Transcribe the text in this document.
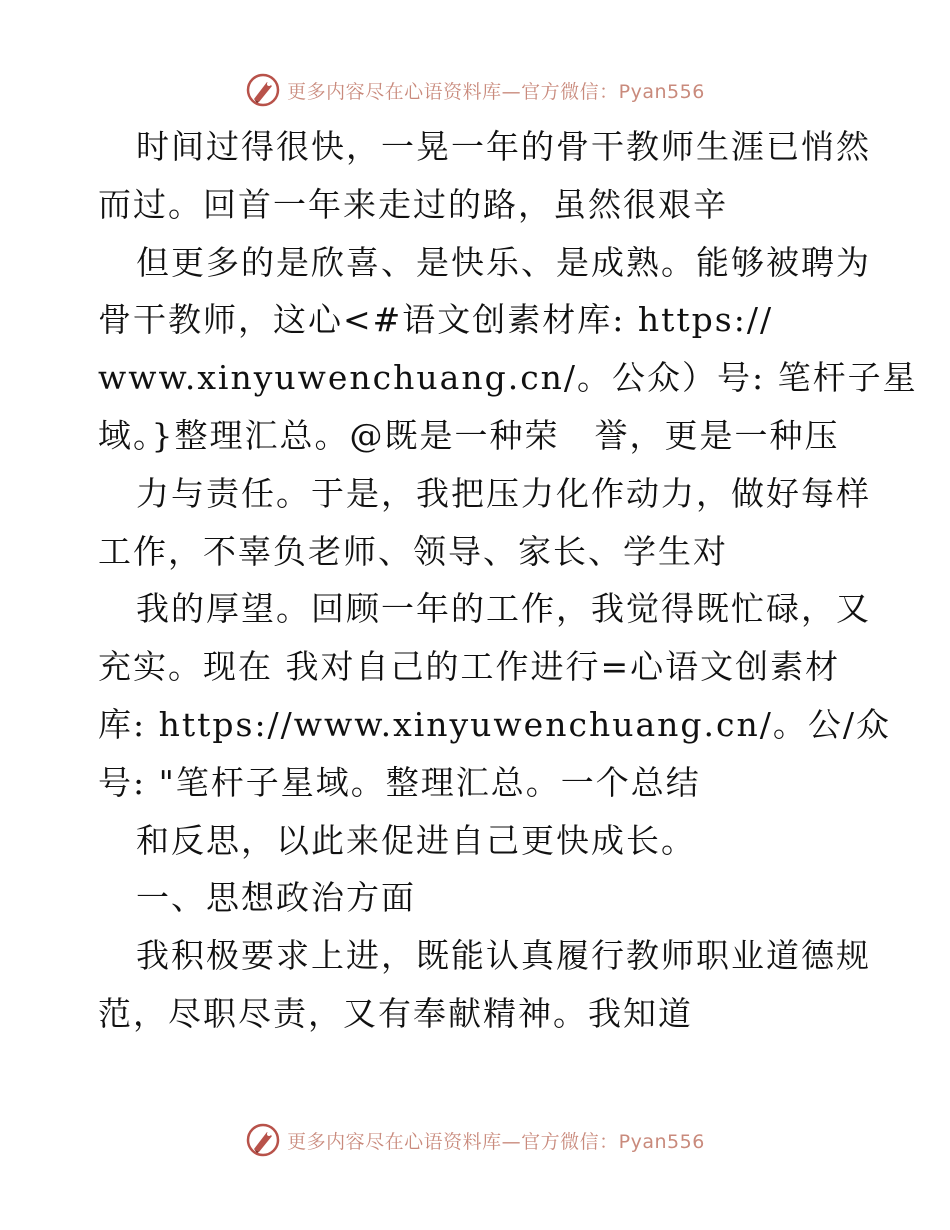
更多内容尽在心语资料库—官方微信：Pyan556
时间过得很快，一晃一年的骨干教师生涯已悄然
而过。回首一年来走过的路，虽然很艰辛
但更多的是欣喜、是快乐、是成熟。能够被聘为
骨干教师，这心<#语文创素材库: https://
www.xinyuwenchuang.cn/。公众）号: 笔杆子星
域。}整理汇总。@既是一种荣　誉，更是一种压
力与责任。于是，我把压力化作动力，做好每样
工作，不辜负老师、领导、家长、学生对
我的厚望。回顾一年的工作，我觉得既忙碌，又
充实。现在 我对自己的工作进行=心语文创素材
库: https://www.xinyuwenchuang.cn/。公/众
号: "笔杆子星域。整理汇总。一个总结
和反思，以此来促进自己更快成长。
一、思想政治方面
我积极要求上进，既能认真履行教师职业道德规
范，尽职尽责，又有奉献精神。我知道
更多内容尽在心语资料库—官方微信：Pyan556
